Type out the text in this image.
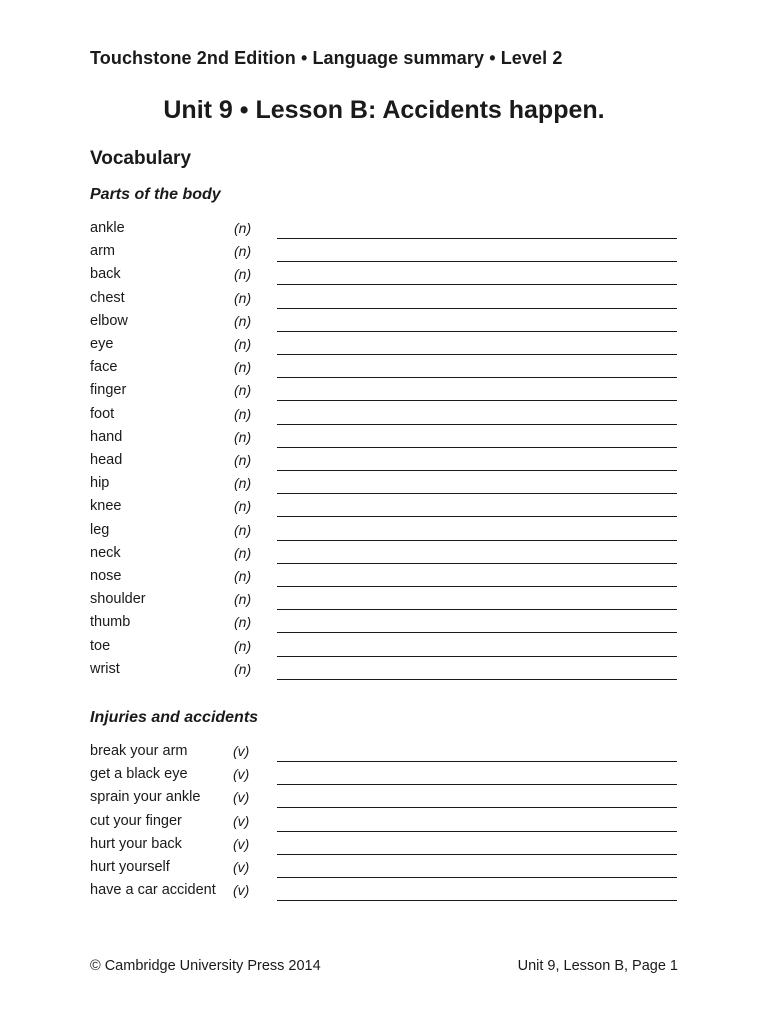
Touchstone 2nd Edition • Language summary • Level 2
Unit 9 • Lesson B: Accidents happen.
Vocabulary
Parts of the body
ankle	(n)
arm	(n)
back	(n)
chest	(n)
elbow	(n)
eye	(n)
face	(n)
finger	(n)
foot	(n)
hand	(n)
head	(n)
hip	(n)
knee	(n)
leg	(n)
neck	(n)
nose	(n)
shoulder	(n)
thumb	(n)
toe	(n)
wrist	(n)
Injuries and accidents
break your arm	(v)
get a black eye	(v)
sprain your ankle (v)
cut your finger	(v)
hurt your back	(v)
hurt yourself	(v)
have a car accident (v)
© Cambridge University Press 2014	Unit 9, Lesson B, Page 1
